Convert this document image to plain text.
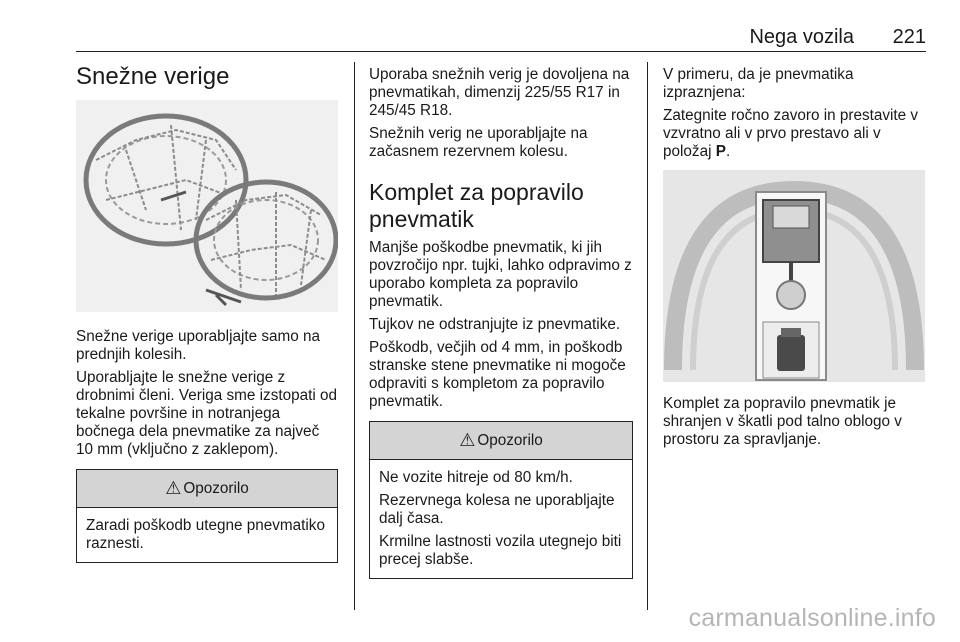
Nega vozila 221
Snežne verige

Snežne verige uporabljajte samo na prednjih kolesih.

Uporabljajte le snežne verige z drobnimi členi. Veriga sme izstopati od tekalne površine in notranjega bočnega dela pnevmatike za največ 10 mm (vključno z zaklepom).

⚠ Opozorilo

Zaradi poškodb utegne pnevmatiko raznesti.

Uporaba snežnih verig je dovoljena na pnevmatikah, dimenzij 225/55 R17 in 245/45 R18.

Snežnih verig ne uporabljajte na začasnem rezervnem kolesu.

Komplet za popravilo pnevmatik

Manjše poškodbe pnevmatik, ki jih povzročijo npr. tujki, lahko odpravimo z uporabo kompleta za popravilo pnevmatik.

Tujkov ne odstranjujte iz pnevmatike.

Poškodb, večjih od 4 mm, in poškodb stranske stene pnevmatike ni mogoče odpraviti s kompletom za popravilo pnevmatik.

⚠ Opozorilo

Ne vozite hitreje od 80 km/h.

Rezervnega kolesa ne uporabljajte dalj časa.

Krmilne lastnosti vozila utegnejo biti precej slabše.

V primeru, da je pnevmatika izpraznjena:

Zategnite ročno zavoro in prestavite v vzvratno ali v prvo prestavo ali v položaj P.

Komplet za popravilo pnevmatik je shranjen v škatli pod talno oblogo v prostoru za spravljanje.

carmanualsonline.info
